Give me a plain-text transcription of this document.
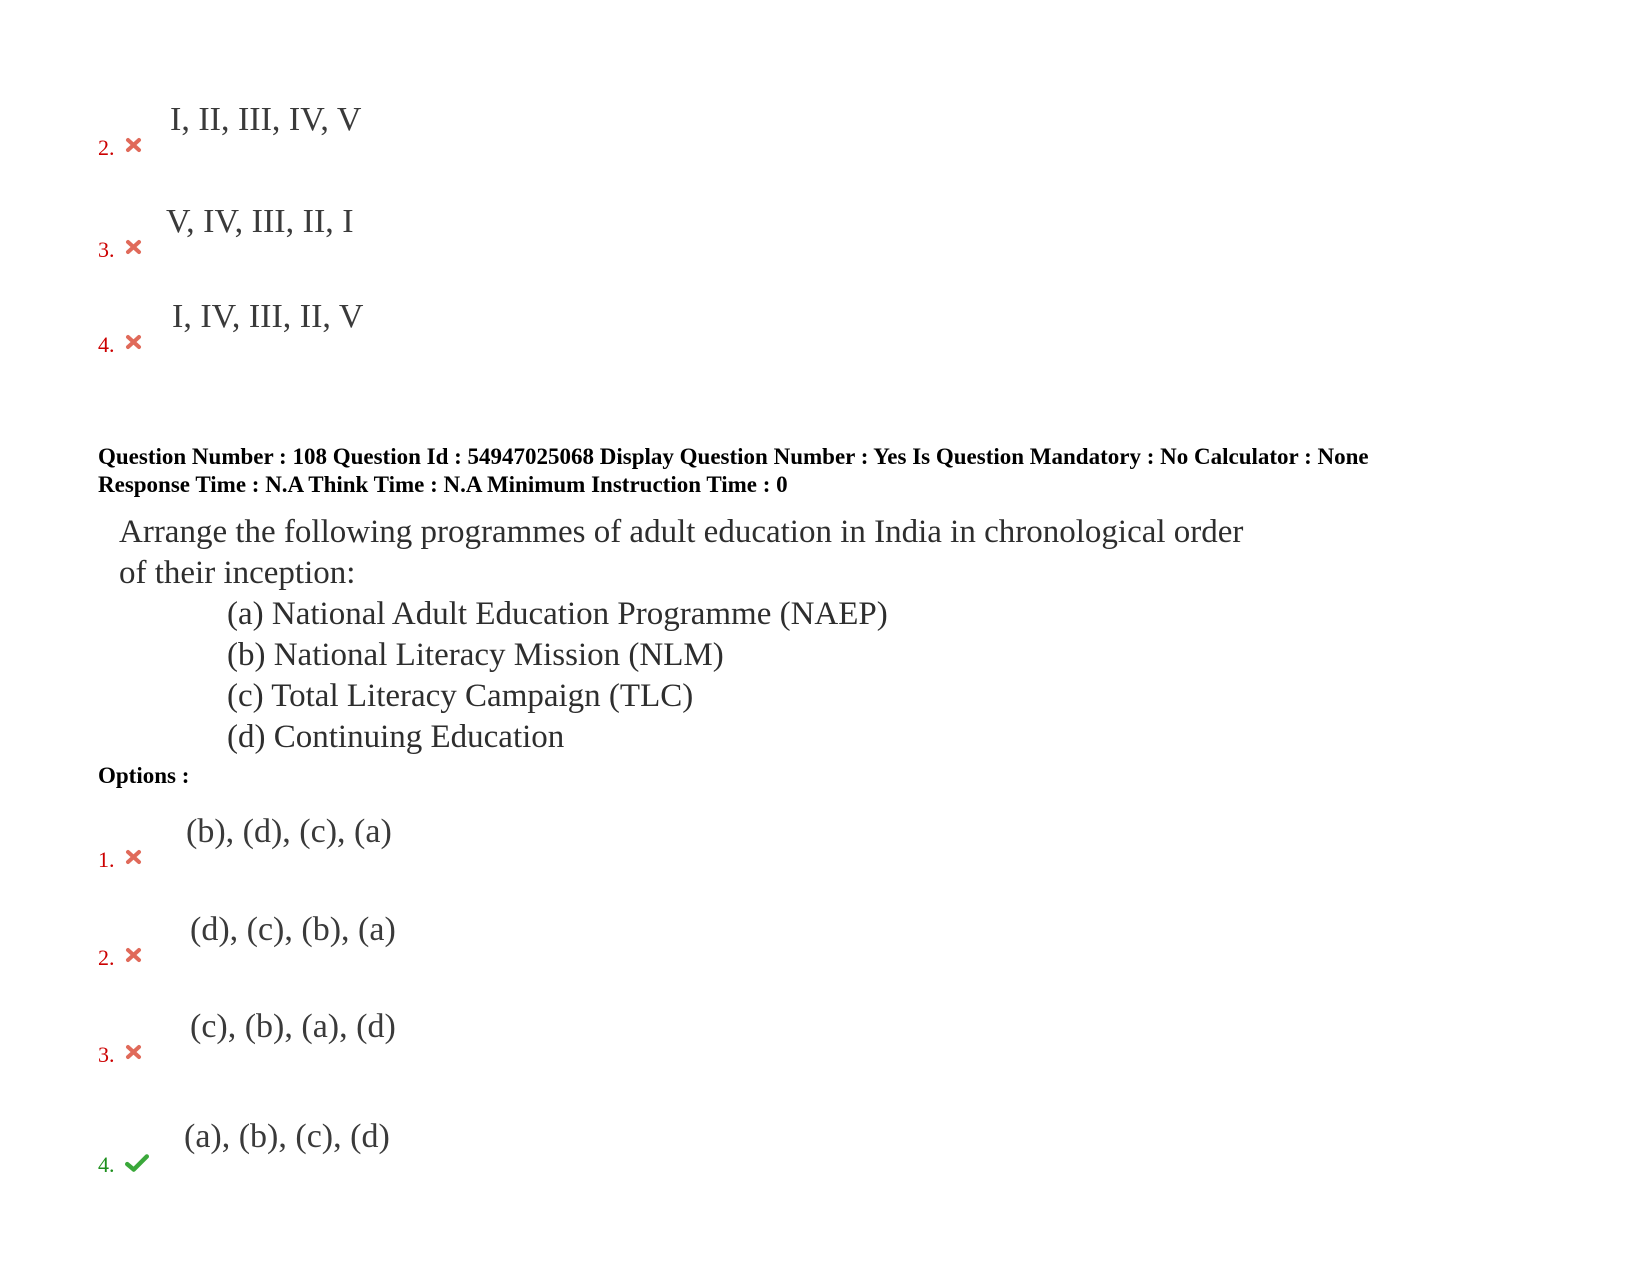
2.
I, II, III, IV, V
3.
V, IV, III, II, I
4.
I, IV, III, II, V
Question Number : 108 Question Id : 54947025068 Display Question Number : Yes Is Question Mandatory : No Calculator : None
Response Time : N.A Think Time : N.A Minimum Instruction Time : 0
Arrange the following programmes of adult education in India in chronological order
of their inception:
(a) National Adult Education Programme (NAEP)
(b) National Literacy Mission (NLM)
(c) Total Literacy Campaign (TLC)
(d) Continuing Education
Options :
1.
(b), (d), (c), (a)
2.
(d), (c), (b), (a)
3.
(c), (b), (a), (d)
4.
(a), (b), (c), (d)
